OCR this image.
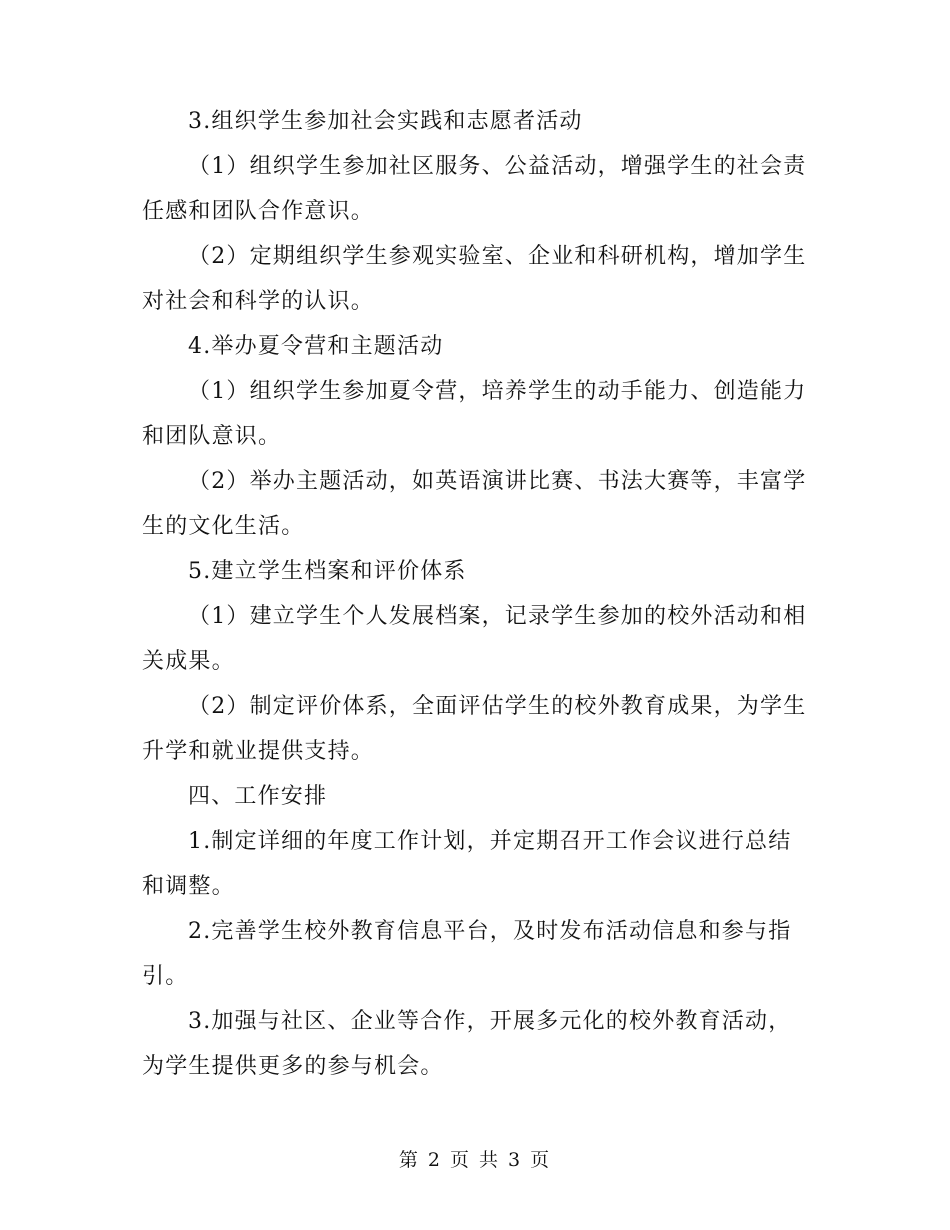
3.组织学生参加社会实践和志愿者活动

（1）组织学生参加社区服务、公益活动，增强学生的社会责任感和团队合作意识。

（2）定期组织学生参观实验室、企业和科研机构，增加学生对社会和科学的认识。

4.举办夏令营和主题活动

（1）组织学生参加夏令营，培养学生的动手能力、创造能力和团队意识。

（2）举办主题活动，如英语演讲比赛、书法大赛等，丰富学生的文化生活。

5.建立学生档案和评价体系

（1）建立学生个人发展档案，记录学生参加的校外活动和相关成果。

（2）制定评价体系，全面评估学生的校外教育成果，为学生升学和就业提供支持。

四、工作安排

1.制定详细的年度工作计划，并定期召开工作会议进行总结和调整。

2.完善学生校外教育信息平台，及时发布活动信息和参与指引。

3.加强与社区、企业等合作，开展多元化的校外教育活动，为学生提供更多的参与机会。

第 2 页 共 3 页
